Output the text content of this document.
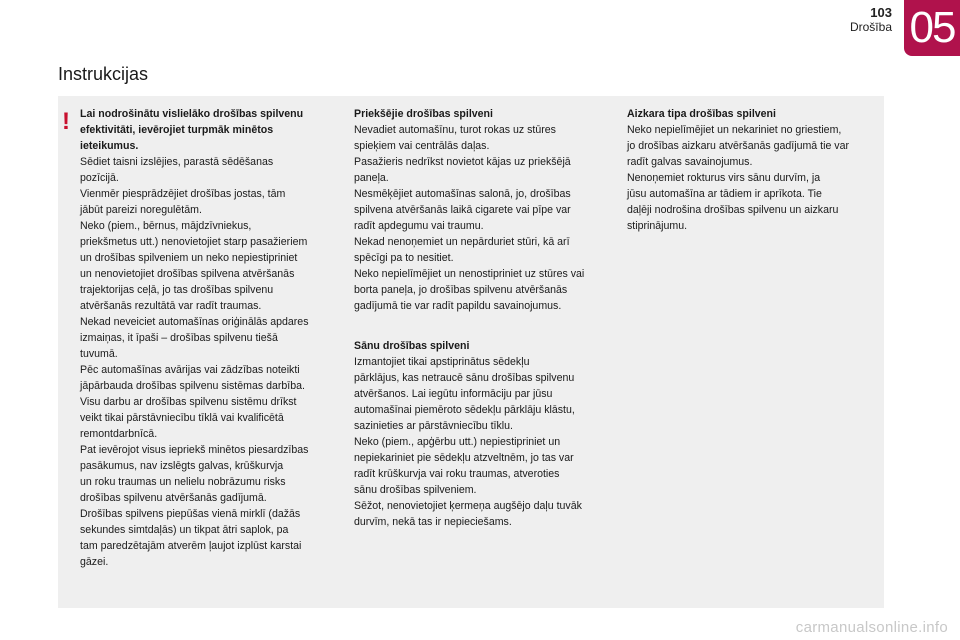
103
Drošība 05
Instrukcijas
! Lai nodrošinātu vislielāko drošības spilvenu

efektivitāti, ievērojiet turpmāk minētos

ieteikumus.

Sēdiet taisni izslējies, parastā sēdēšanas

pozīcijā.

Vienmēr piesprādzējiet drošības jostas, tām

jābūt pareizi noregulētām.

Neko (piem., bērnus, mājdzīvniekus,

priekšmetus utt.) nenovietojiet starp pasažieriem

un drošības spilveniem un neko nepiestipriniet

un nenovietojiet drošības spilvena atvēršanās

trajektorijas ceļā, jo tas drošības spilvenu

atvēršanās rezultātā var radīt traumas.

Nekad neveiciet automašīnas oriģinālās apdares

izmaiņas, it īpaši – drošības spilvenu tiešā

tuvumā.

Pēc automašīnas avārijas vai zādzības noteikti

jāpārbauda drošības spilvenu sistēmas darbība.

Visu darbu ar drošības spilvenu sistēmu drīkst

veikt tikai pārstāvniecību tīklā vai kvalificētā

remontdarbnīcā.

Pat ievērojot visus iepriekš minētos piesardzības

pasākumus, nav izslēgts galvas, krūškurvja

un roku traumas un nelielu nobrāzumu risks

drošības spilvenu atvēršanās gadījumā.

Drošības spilvens piepūšas vienā mirklī (dažās

sekundes simtdaļās) un tikpat ātri saplok, pa

tam paredzētajām atverēm ļaujot izplūst karstai

gāzei.

Priekšējie drošības spilveni

Nevadiet automašīnu, turot rokas uz stūres

spieķiem vai centrālās daļas.

Pasažieris nedrīkst novietot kājas uz priekšējā

paneļa.

Nesmēķējiet automašīnas salonā, jo, drošības

spilvena atvēršanās laikā cigarete vai pīpe var

radīt apdegumu vai traumu.

Nekad nenoņemiet un nepārduriet stūri, kā arī

spēcīgi pa to nesitiet.

Neko nepielīmējiet un nenostipriniet uz stūres vai

borta paneļa, jo drošības spilvenu atvēršanās

gadījumā tie var radīt papildu savainojumus.

Sānu drošības spilveni

Izmantojiet tikai apstiprinātus sēdekļu

pārklājus, kas netraucē sānu drošības spilvenu

atvēršanos. Lai iegūtu informāciju par jūsu

automašīnai piemēroto sēdekļu pārklāju klāstu,

sazinieties ar pārstāvniecību tīklu.

Neko (piem., apģērbu utt.) nepiestipriniet un

nepiekariniet pie sēdekļu atzveltnēm, jo tas var

radīt krūškurvja vai roku traumas, atveroties

sānu drošības spilveniem.

Sēžot, nenovietojiet ķermeņa augšējo daļu tuvāk

durvīm, nekā tas ir nepieciešams.

Aizkara tipa drošības spilveni

Neko nepielīmējiet un nekariniet no griestiem,

jo drošības aizkaru atvēršanās gadījumā tie var

radīt galvas savainojumus.

Nenoņemiet rokturus virs sānu durvīm, ja

jūsu automašīna ar tādiem ir aprīkota. Tie

daļēji nodrošina drošības spilvenu un aizkaru

stiprinājumu.

carmanualsonline.info
